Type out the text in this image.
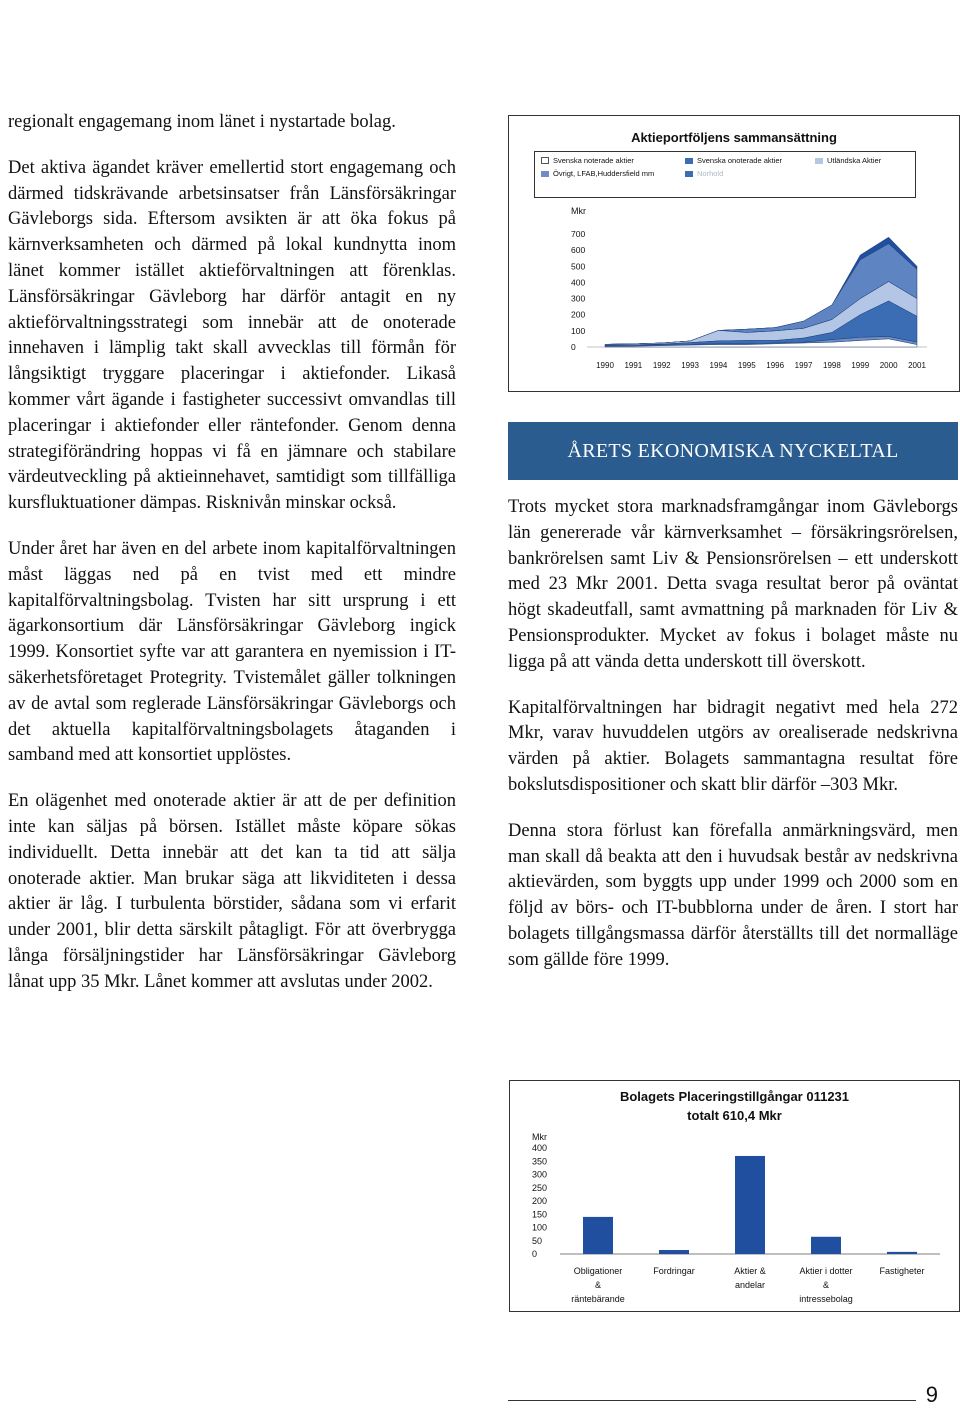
regionalt engagemang inom länet i nystartade bolag.

Det aktiva ägandet kräver emellertid stort engagemang och därmed tidskrävande arbetsinsatser från Länsförsäkringar Gävleborgs sida. Eftersom avsikten är att öka fokus på kärnverksamheten och därmed på lokal kundnytta inom länet kommer istället aktieförvaltningen att förenklas. Länsförsäkringar Gävleborg har därför antagit en ny aktieförvaltningsstrategi som innebär att de onoterade innehaven i lämplig takt skall avvecklas till förmån för långsiktigt tryggare placeringar i aktiefonder. Likaså kommer vårt ägande i fastigheter successivt omvandlas till placeringar i aktiefonder eller räntefonder. Genom denna strategiförändring hoppas vi få en jämnare och stabilare värdeutveckling på aktieinnehavet, samtidigt som tillfälliga kursfluktuationer dämpas. Risknivån minskar också.

Under året har även en del arbete inom kapitalförvaltningen måst läggas ned på en tvist med ett mindre kapitalförvaltningsbolag. Tvisten har sitt ursprung i ett ägarkonsortium där Länsförsäkringar Gävleborg ingick 1999. Konsortiet syfte var att garantera en nyemission i IT-säkerhetsföretaget Protegrity. Tvistemålet gäller tolkningen av de avtal som reglerade Länsförsäkringar Gävleborgs och det aktuella kapitalförvaltningsbolagets åtaganden i samband med att konsortiet upplöstes.

En olägenhet med onoterade aktier är att de per definition inte kan säljas på börsen. Istället måste köpare sökas individuellt. Detta innebär att det kan ta tid att sälja onoterade aktier. Man brukar säga att likviditeten i dessa aktier är låg. I turbulenta börstider, sådana som vi erfarit under 2001, blir detta särskilt påtagligt. För att överbrygga långa försäljningstider har Länsförsäkringar Gävleborg lånat upp 35 Mkr. Lånet kommer att avslutas under 2002.

Aktieportföljens sammansättning
Svenska noterade aktier	Svenska onoterade aktier	Utländska Aktier
Övrigt, LFAB,Huddersfield mm	Norhold
Mkr
700
600
500
400
300
200
100
0
1990 1991 1992 1993 1994 1995 1996 1997 1998 1999 2000 2001
ÅRETS EKONOMISKA NYCKELTAL

Trots mycket stora marknadsframgångar inom Gävleborgs län genererade vår kärnverksamhet – försäkringsrörelsen, bankrörelsen samt Liv & Pensionsrörelsen – ett underskott med 23 Mkr 2001. Detta svaga resultat beror på oväntat högt skadeutfall, samt avmattning på marknaden för Liv & Pensionsprodukter. Mycket av fokus i bolaget måste nu ligga på att vända detta underskott till överskott.

Kapitalförvaltningen har bidragit negativt med hela 272 Mkr, varav huvuddelen utgörs av orealiserade nedskrivna värden på aktier. Bolagets sammantagna resultat före bokslutsdispositioner och skatt blir därför –303 Mkr.

Denna stora förlust kan förefalla anmärkningsvärd, men man skall då beakta att den i huvudsak består av nedskrivna aktievärden, som byggts upp under 1999 och 2000 som en följd av börs- och IT-bubblorna under de åren. I stort har bolagets tillgångsmassa därför återställts till det normalläge som gällde före 1999.

Bolagets Placeringstillgångar 011231
totalt 610,4 Mkr
Mkr
400
350
300
250
200
150
100
50
0
Obligationer
&
räntebärande
Fordringar	Aktier &
andelar
Aktier i dotter
&
intressebolag
Fastigheter
9
